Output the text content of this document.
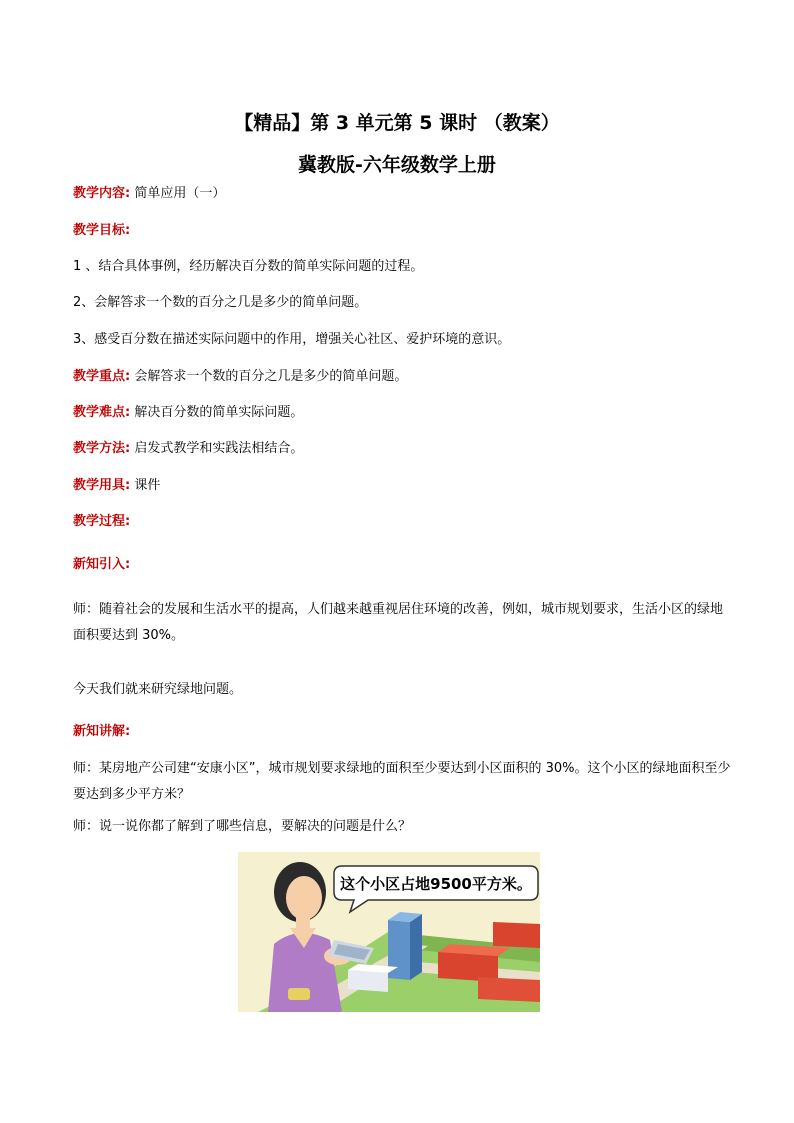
【精品】第 3 单元第 5 课时 （教案）
冀教版-六年级数学上册
教学内容: 简单应用（一）
教学目标:
1 、结合具体事例，经历解决百分数的简单实际问题的过程。
2、会解答求一个数的百分之几是多少的简单问题。
3、感受百分数在描述实际问题中的作用，增强关心社区、爱护环境的意识。
教学重点: 会解答求一个数的百分之几是多少的简单问题。
教学难点: 解决百分数的简单实际问题。
教学方法: 启发式教学和实践法相结合。
教学用具: 课件
教学过程:
新知引入:
师：随着社会的发展和生活水平的提高，人们越来越重视居住环境的改善，例如，城市规划要求，生活小区的绿地面积要达到 30%。
今天我们就来研究绿地问题。
新知讲解:
师：某房地产公司建“安康小区”，城市规划要求绿地的面积至少要达到小区面积的 30%。这个小区的绿地面积至少要达到多少平方米？
师：说一说你都了解到了哪些信息，要解决的问题是什么？
这个小区占地9500平方米。
